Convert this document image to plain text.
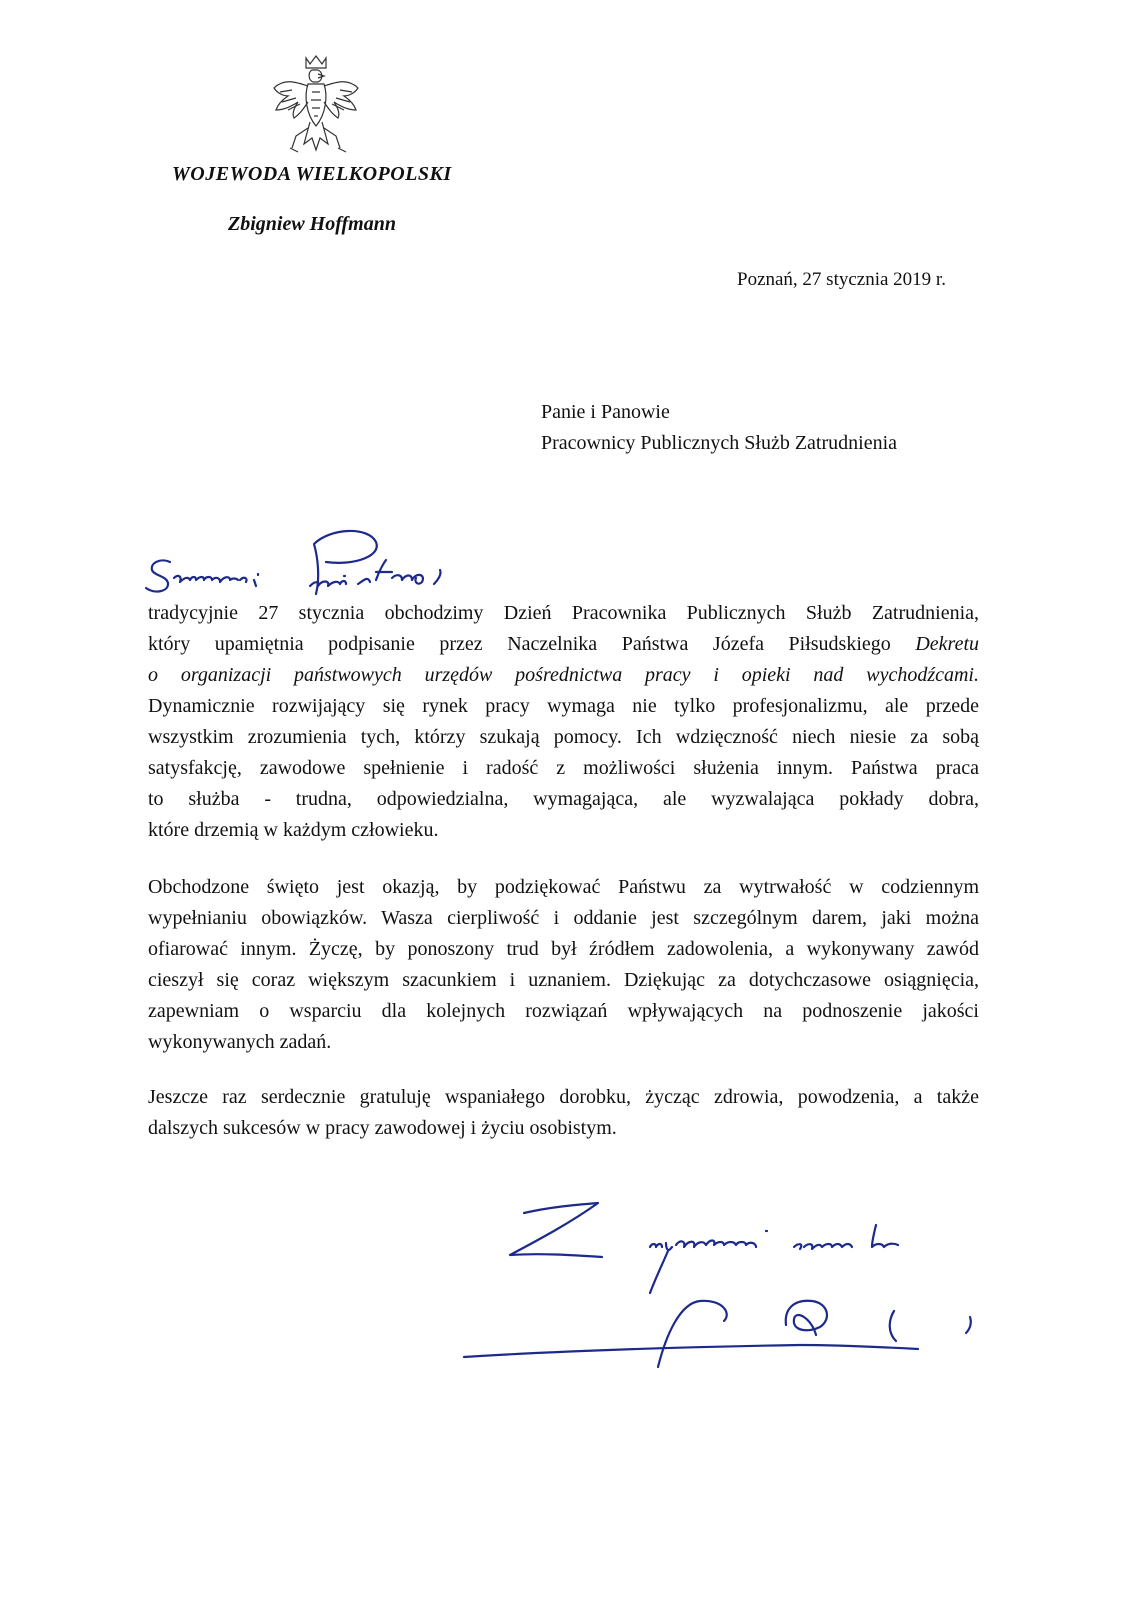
WOJEWODA WIELKOPOLSKI
Zbigniew Hoffmann
Poznań, 27 stycznia 2019 r.
Panie i Panowie
Pracownicy Publicznych Służb Zatrudnienia
tradycyjnie 27 stycznia obchodzimy Dzień Pracownika Publicznych Służb Zatrudnienia,
który upamiętnia podpisanie przez Naczelnika Państwa Józefa Piłsudskiego Dekretu
o organizacji państwowych urzędów pośrednictwa pracy i opieki nad wychodźcami.
Dynamicznie rozwijający się rynek pracy wymaga nie tylko profesjonalizmu, ale przede
wszystkim zrozumienia tych, którzy szukają pomocy. Ich wdzięczność niech niesie za sobą
satysfakcję, zawodowe spełnienie i radość z możliwości służenia innym. Państwa praca
to służba - trudna, odpowiedzialna, wymagająca, ale wyzwalająca pokłady dobra,
które drzemią w każdym człowieku.
Obchodzone święto jest okazją, by podziękować Państwu za wytrwałość w codziennym
wypełnianiu obowiązków. Wasza cierpliwość i oddanie jest szczególnym darem, jaki można
ofiarować innym. Życzę, by ponoszony trud był źródłem zadowolenia, a wykonywany zawód
cieszył się coraz większym szacunkiem i uznaniem. Dziękując za dotychczasowe osiągnięcia,
zapewniam o wsparciu dla kolejnych rozwiązań wpływających na podnoszenie jakości
wykonywanych zadań.
Jeszcze raz serdecznie gratuluję wspaniałego dorobku, życząc zdrowia, powodzenia, a także
dalszych sukcesów w pracy zawodowej i życiu osobistym.
